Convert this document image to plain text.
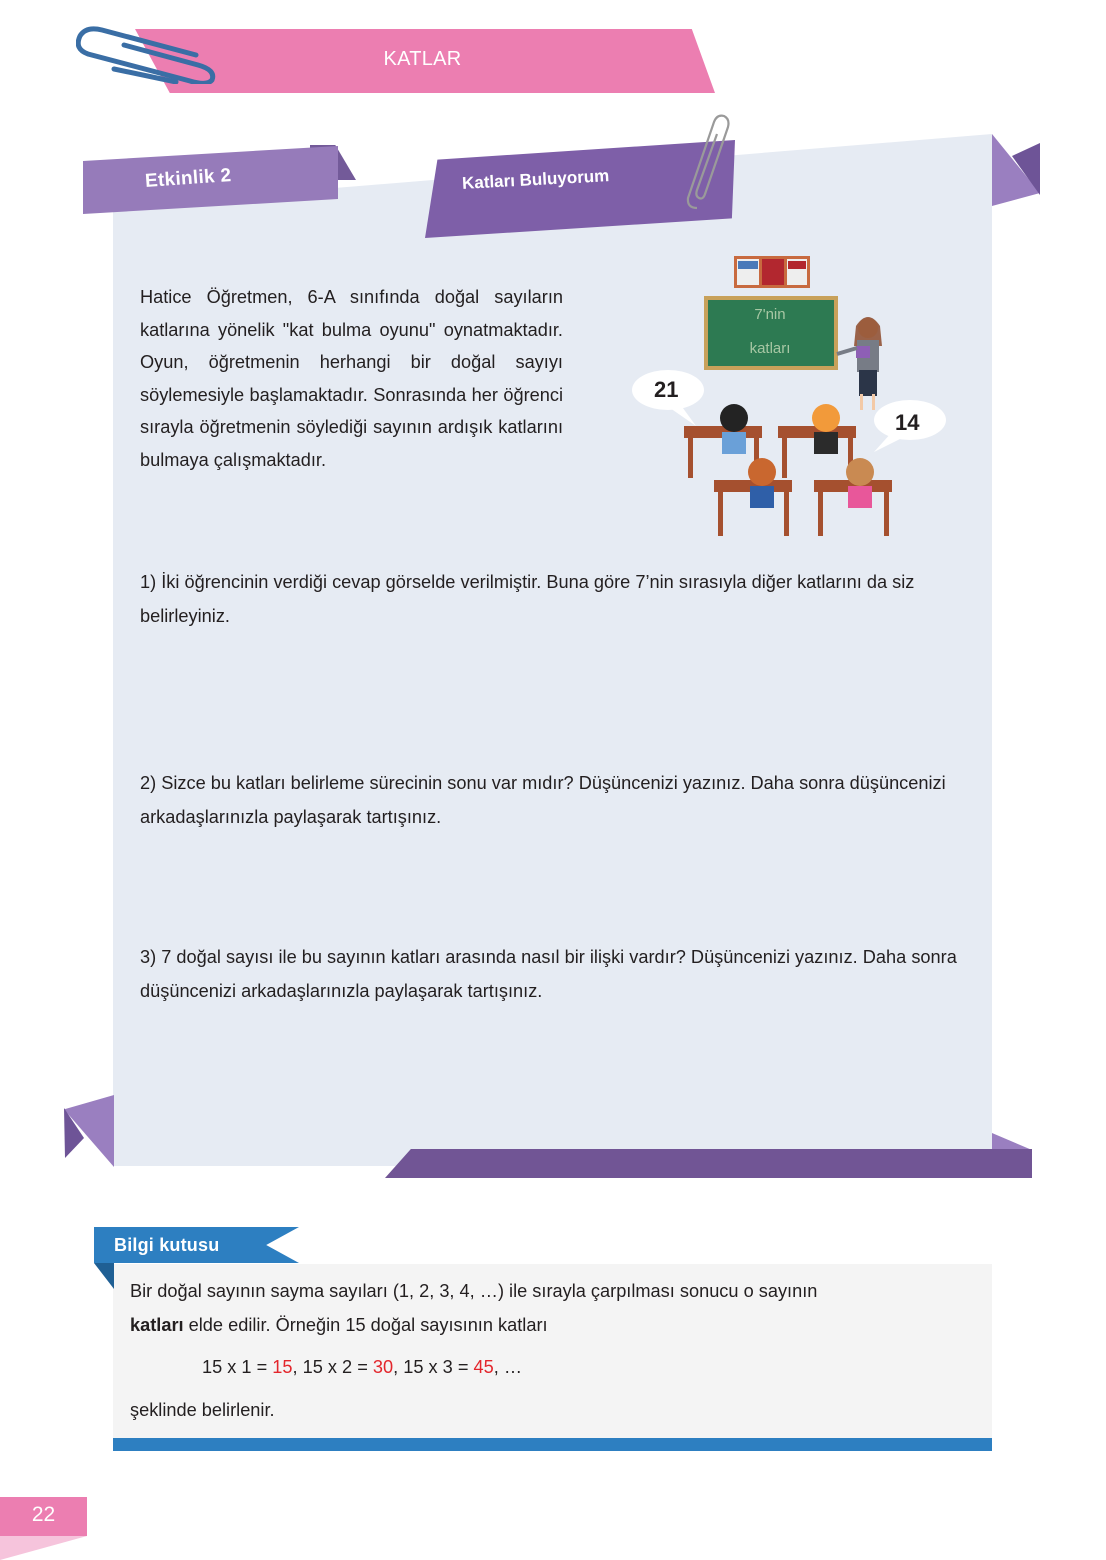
KATLAR
Etkinlik 2	Katları Buluyorum
Hatice Öğretmen, 6-A sınıfında doğal sayıların katlarına yönelik "kat bulma oyunu" oynatmaktadır. Oyun, öğretmenin herhangi bir doğal sayıyı söylemesiyle başlamaktadır. Sonrasında her öğrenci sırayla öğretmenin söylediği sayının ardışık katlarını bulmaya çalışmaktadır.
7'nin
katları
21
14
1) İki öğrencinin verdiği cevap görselde verilmiştir. Buna göre 7’nin sırasıyla diğer katlarını da siz belirleyiniz.
2) Sizce bu katları belirleme sürecinin sonu var mıdır? Düşüncenizi yazınız. Daha sonra düşüncenizi arkadaşlarınızla paylaşarak tartışınız.
3) 7 doğal sayısı ile bu sayının katları arasında nasıl bir ilişki vardır? Düşüncenizi yazınız. Daha sonra düşüncenizi arkadaşlarınızla paylaşarak tartışınız.
Bilgi kutusu
Bir doğal sayının sayma sayıları (1, 2, 3, 4, …) ile sırayla çarpılması sonucu o sayının
katları elde edilir. Örneğin 15 doğal sayısının katları
15 x 1 = 15, 15 x 2 = 30, 15 x 3 = 45, …
şeklinde belirlenir.
22
